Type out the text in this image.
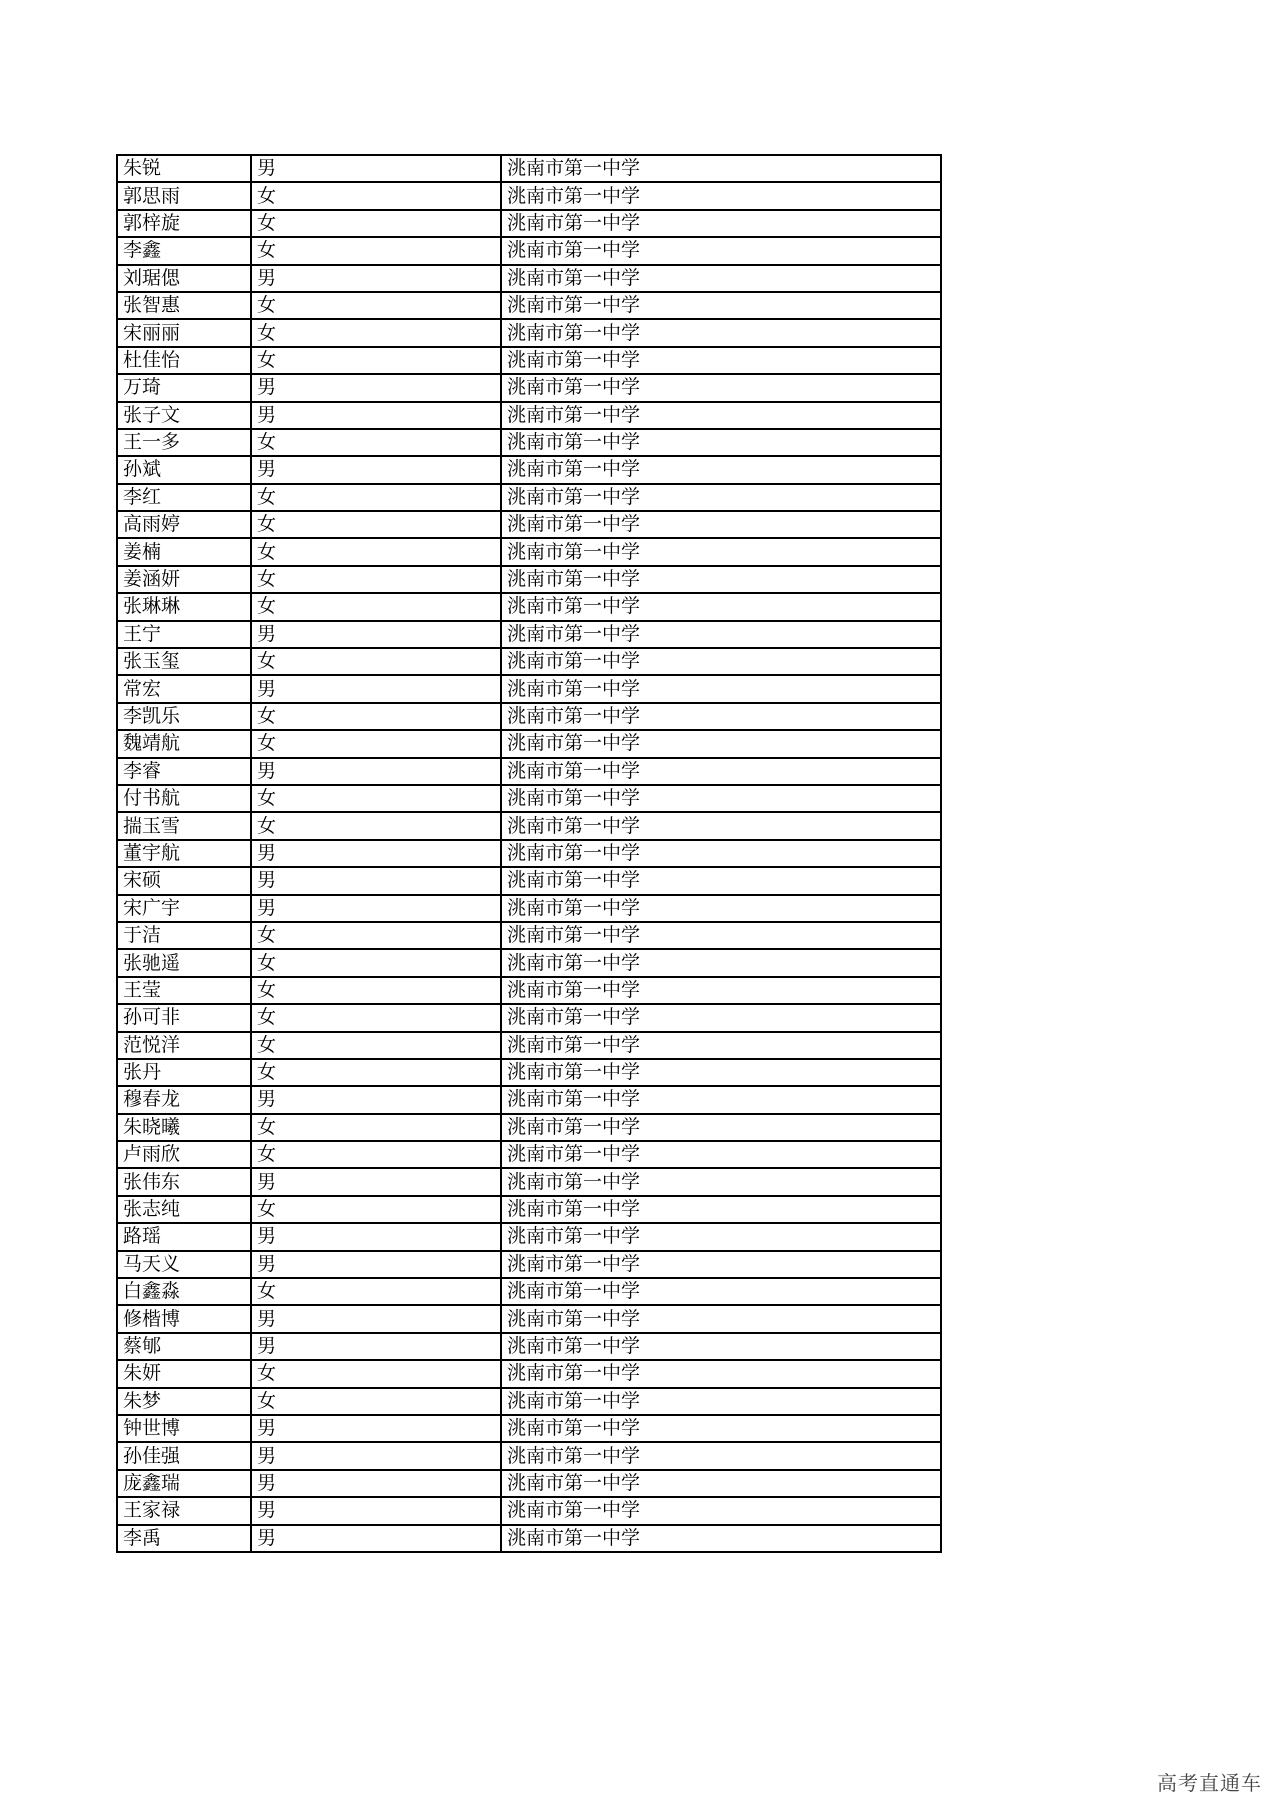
朱锐	男	洮南市第一中学
郭思雨	女	洮南市第一中学
郭梓旋	女	洮南市第一中学
李鑫	女	洮南市第一中学
刘琚偲	男	洮南市第一中学
张智惠	女	洮南市第一中学
宋丽丽	女	洮南市第一中学
杜佳怡	女	洮南市第一中学
万琦	男	洮南市第一中学
张子文	男	洮南市第一中学
王一多	女	洮南市第一中学
孙斌	男	洮南市第一中学
李红	女	洮南市第一中学
高雨婷	女	洮南市第一中学
姜楠	女	洮南市第一中学
姜涵妍	女	洮南市第一中学
张琳琳	女	洮南市第一中学
王宁	男	洮南市第一中学
张玉玺	女	洮南市第一中学
常宏	男	洮南市第一中学
李凯乐	女	洮南市第一中学
魏靖航	女	洮南市第一中学
李睿	男	洮南市第一中学
付书航	女	洮南市第一中学
揣玉雪	女	洮南市第一中学
董宇航	男	洮南市第一中学
宋硕	男	洮南市第一中学
宋广宇	男	洮南市第一中学
于洁	女	洮南市第一中学
张驰遥	女	洮南市第一中学
王莹	女	洮南市第一中学
孙可非	女	洮南市第一中学
范悦洋	女	洮南市第一中学
张丹	女	洮南市第一中学
穆春龙	男	洮南市第一中学
朱晓曦	女	洮南市第一中学
卢雨欣	女	洮南市第一中学
张伟东	男	洮南市第一中学
张志纯	女	洮南市第一中学
路瑶	男	洮南市第一中学
马天义	男	洮南市第一中学
白鑫淼	女	洮南市第一中学
修楷博	男	洮南市第一中学
蔡郇	男	洮南市第一中学
朱妍	女	洮南市第一中学
朱梦	女	洮南市第一中学
钟世博	男	洮南市第一中学
孙佳强	男	洮南市第一中学
庞鑫瑞	男	洮南市第一中学
王家禄	男	洮南市第一中学
李禹	男	洮南市第一中学
高考直通车
